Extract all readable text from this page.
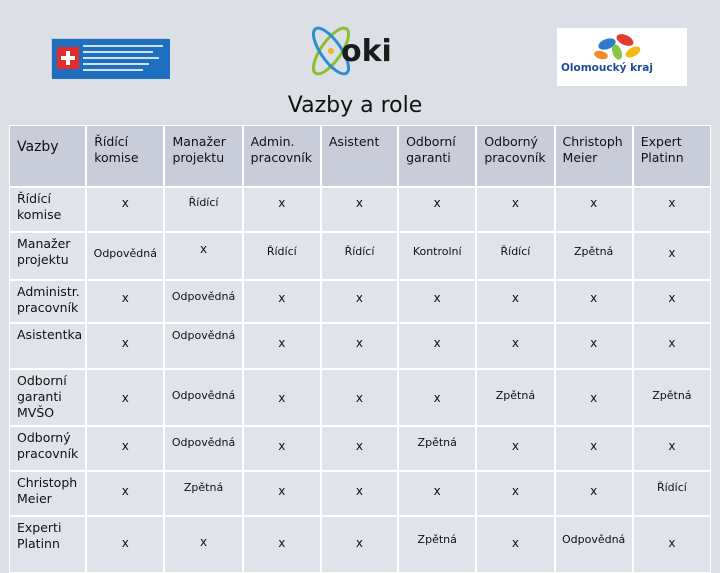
oki	Olomoucký kraj
Vazby a role
Vazby	Řídící komise	Manažer projektu	Admin. pracovník	Asistent	Odborní garanti	Odborný pracovník	Christoph Meier	Expert Platinn
Řídící komise	x	Řídící	x	x	x	x	x	x

Manažer projektu	Odpovědná	x	Řídící	Řídící	Kontrolní	Řídící	Zpětná	x

Administr. pracovník	x	Odpovědná	x	x	x	x	x	x

Asistentka	x	Odpovědná	x	x	x	x	x	x

Odborní garanti MVŠO	x	Odpovědná	x	x	x	Zpětná	x	Zpětná

Odborný pracovník	x	Odpovědná	x	x	Zpětná	x	x	x

Christoph Meier	x	Zpětná	x	x	x	x	x	Řídící

Experti Platinn	x	x	x	x	Zpětná	x	Odpovědná	x
